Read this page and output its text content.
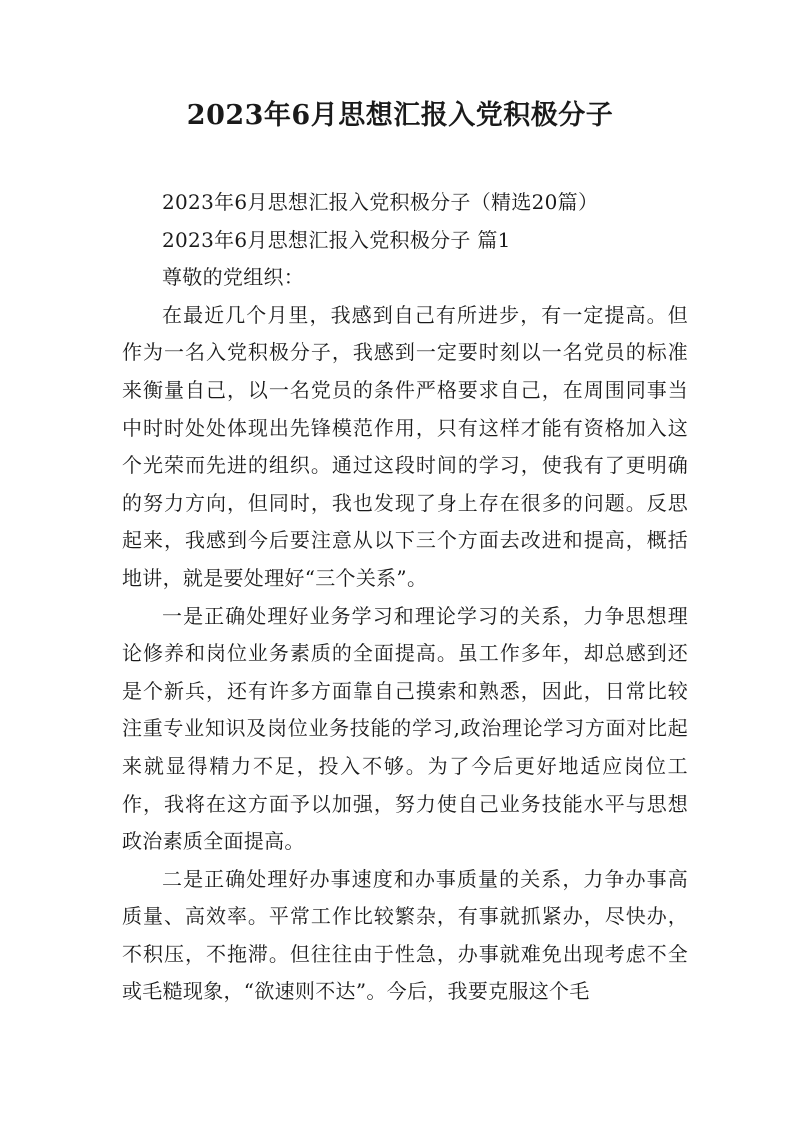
2023年6月思想汇报入党积极分子

2023年6月思想汇报入党积极分子（精选20篇）

2023年6月思想汇报入党积极分子 篇1

尊敬的党组织：

在最近几个月里，我感到自己有所进步，有一定提高。但作为一名入党积极分子，我感到一定要时刻以一名党员的标准来衡量自己，以一名党员的条件严格要求自己，在周围同事当中时时处处体现出先锋模范作用，只有这样才能有资格加入这个光荣而先进的组织。通过这段时间的学习，使我有了更明确的努力方向，但同时，我也发现了身上存在很多的问题。反思起来，我感到今后要注意从以下三个方面去改进和提高，概括地讲，就是要处理好“三个关系”。

一是正确处理好业务学习和理论学习的关系，力争思想理论修养和岗位业务素质的全面提高。虽工作多年，却总感到还是个新兵，还有许多方面靠自己摸索和熟悉，因此，日常比较注重专业知识及岗位业务技能的学习,政治理论学习方面对比起来就显得精力不足，投入不够。为了今后更好地适应岗位工作，我将在这方面予以加强，努力使自己业务技能水平与思想政治素质全面提高。

二是正确处理好办事速度和办事质量的关系，力争办事高质量、高效率。平常工作比较繁杂，有事就抓紧办，尽快办，不积压，不拖滞。但往往由于性急，办事就难免出现考虑不全或毛糙现象，“欲速则不达”。今后，我要克服这个毛
